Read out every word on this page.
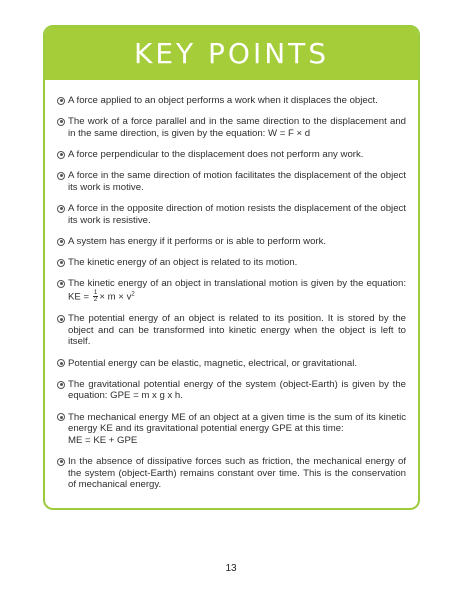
KEY POINTS
A force applied to an object performs a work when it displaces the object.
The work of a force parallel and in the same direction to the displacement and in the same direction, is given by the equation: W = F × d
A force perpendicular to the displacement does not perform any work.
A force in the same direction of motion facilitates the displacement of the object its work is motive.
A force in the opposite direction of motion resists the displacement of the object its work is resistive.
A system has energy if it performs or is able to perform work.
The kinetic energy of an object is related to its motion.
The kinetic energy of an object in translational motion is given by the equation: KE = $\frac{1}{2} \times m \times v^2$
The potential energy of an object is related to its position. It is stored by the object and can be transformed into kinetic energy when the object is left to itself.
Potential energy can be elastic, magnetic, electrical, or gravitational.
The gravitational potential energy of the system (object-Earth) is given by the equation: GPE = m x g x h.
The mechanical energy ME of an object at a given time is the sum of its kinetic energy KE and its gravitational potential energy GPE at this time:
ME = KE + GPE
In the absence of dissipative forces such as friction, the mechanical energy of the system (object-Earth) remains constant over time. This is the conservation of mechanical energy.
13
